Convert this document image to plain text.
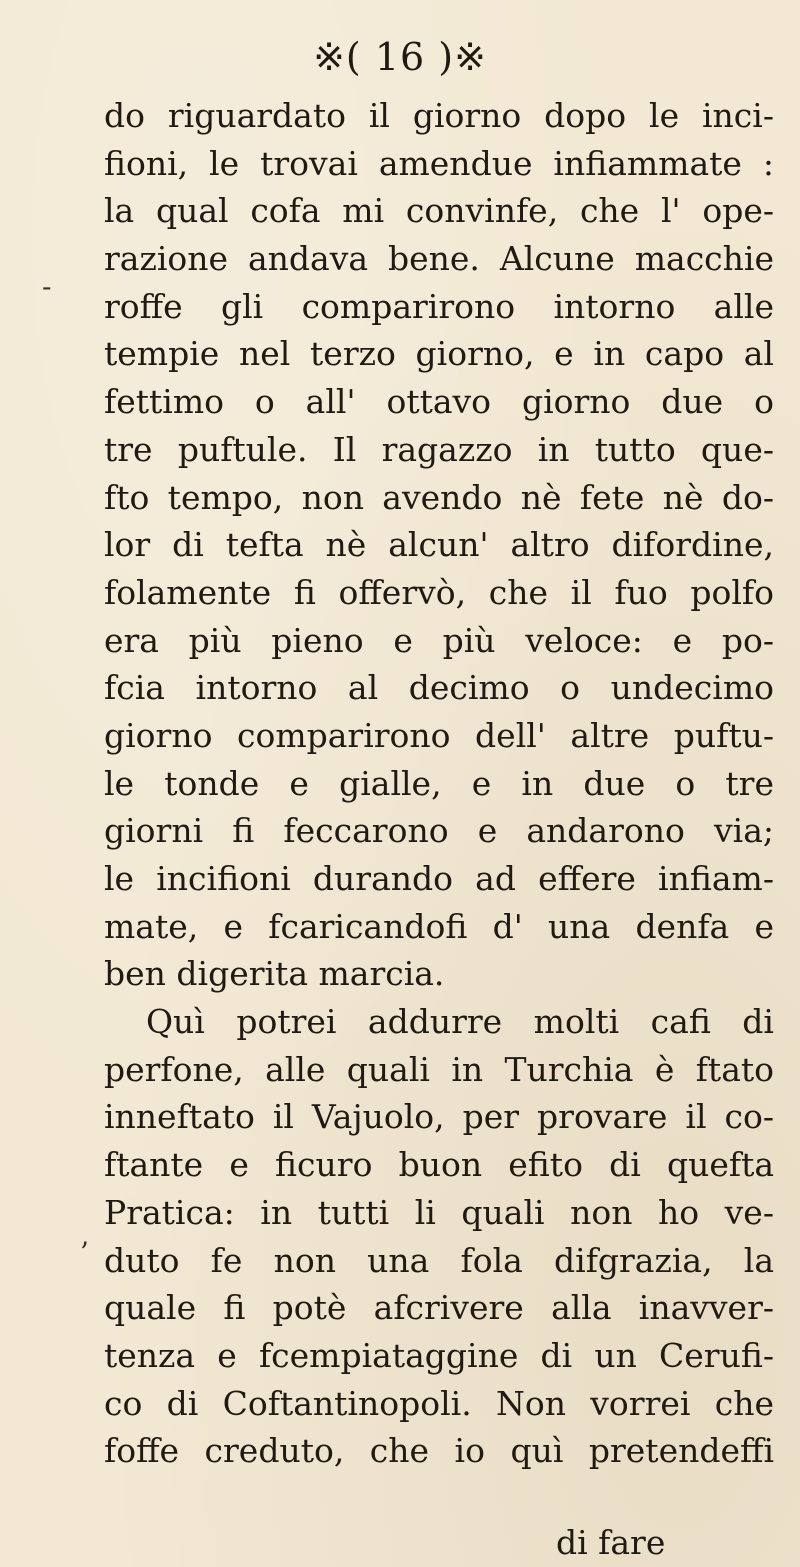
※( 16 )※
-
’
do riguardato il giorno dopo le inci-
fioni, le trovai amendue infiammate :
la qual cofa mi convinfe, che l' ope-
razione andava bene. Alcune macchie
roffe gli comparirono intorno alle
tempie nel terzo giorno, e in capo al
fettimo o all' ottavo giorno due o
tre puftule. Il ragazzo in tutto que-
fto tempo, non avendo nè fete nè do-
lor di tefta nè alcun' altro difordine,
folamente fi offervò, che il fuo polfo
era più pieno e più veloce: e po-
fcia intorno al decimo o undecimo
giorno comparirono dell' altre puftu-
le tonde e gialle, e in due o tre
giorni fi feccarono e andarono via;
le incifioni durando ad effere infiam-
mate, e fcaricandofi d' una denfa e
ben digerita marcia.
Quì potrei addurre molti cafi di
perfone, alle quali in Turchia è ftato
inneftato il Vajuolo, per provare il co-
ftante e ficuro buon efito di quefta
Pratica: in tutti li quali non ho ve-
duto fe non una fola difgrazia, la
quale fi potè afcrivere alla inavver-
tenza e fcempiataggine di un Cerufi-
co di Coftantinopoli. Non vorrei che
foffe creduto, che io quì pretendeffi
di fare
